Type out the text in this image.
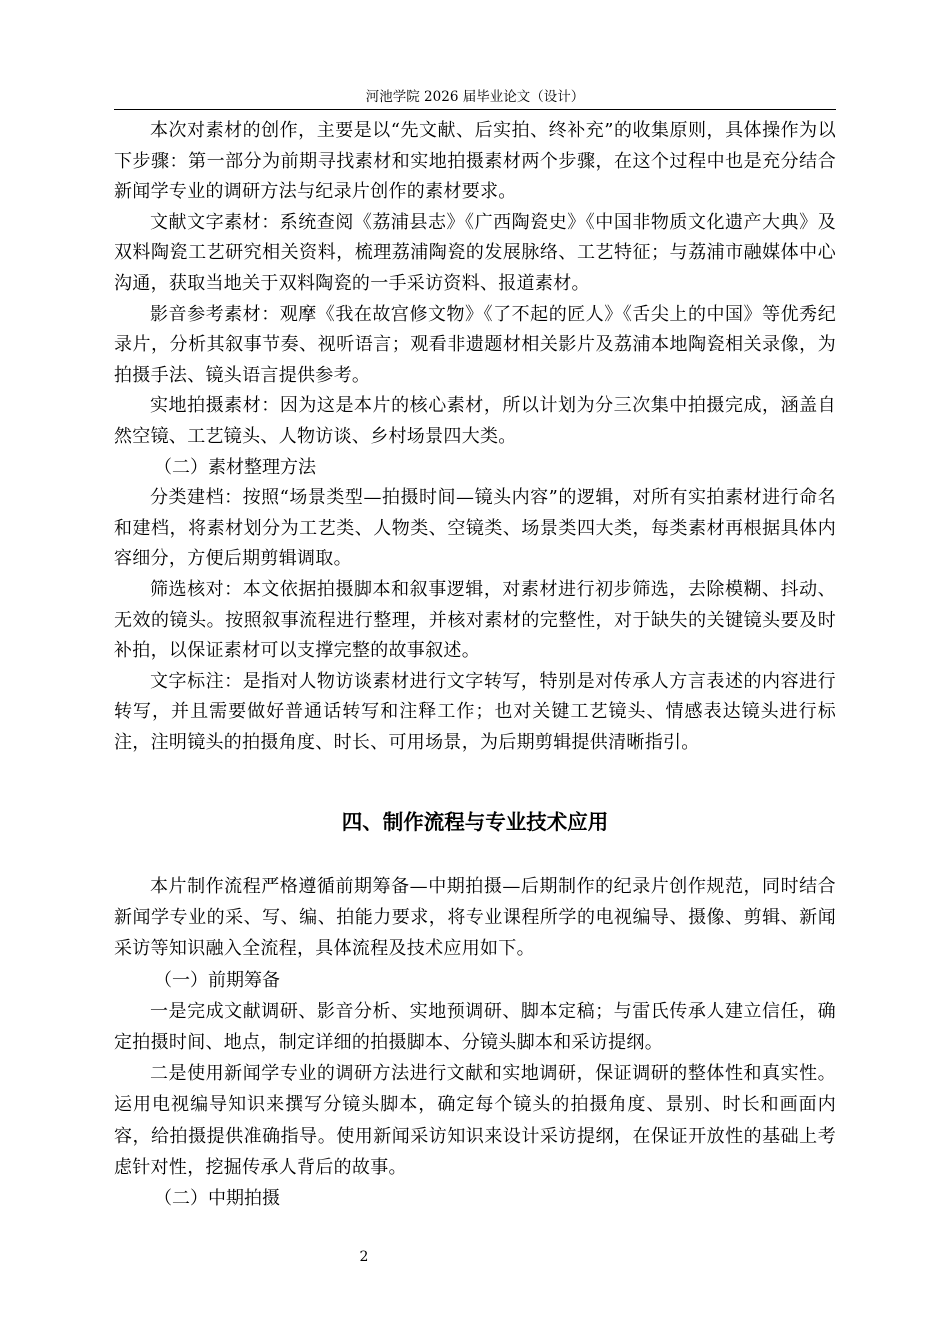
河池学院 2026 届毕业论文（设计）

本次对素材的创作，主要是以“先文献、后实拍、终补充”的收集原则，具体操作为以下步骤：第一部分为前期寻找素材和实地拍摄素材两个步骤，在这个过程中也是充分结合新闻学专业的调研方法与纪录片创作的素材要求。

文献文字素材：系统查阅《荔浦县志》《广西陶瓷史》《中国非物质文化遗产大典》及双料陶瓷工艺研究相关资料，梳理荔浦陶瓷的发展脉络、工艺特征；与荔浦市融媒体中心沟通，获取当地关于双料陶瓷的一手采访资料、报道素材。

影音参考素材：观摩《我在故宫修文物》《了不起的匠人》《舌尖上的中国》等优秀纪录片，分析其叙事节奏、视听语言；观看非遗题材相关影片及荔浦本地陶瓷相关录像，为拍摄手法、镜头语言提供参考。

实地拍摄素材：因为这是本片的核心素材，所以计划为分三次集中拍摄完成，涵盖自然空镜、工艺镜头、人物访谈、乡村场景四大类。

（二）素材整理方法

分类建档：按照“场景类型—拍摄时间—镜头内容”的逻辑，对所有实拍素材进行命名和建档，将素材划分为工艺类、人物类、空镜类、场景类四大类，每类素材再根据具体内容细分，方便后期剪辑调取。

筛选核对：本文依据拍摄脚本和叙事逻辑，对素材进行初步筛选，去除模糊、抖动、无效的镜头。按照叙事流程进行整理，并核对素材的完整性，对于缺失的关键镜头要及时补拍，以保证素材可以支撑完整的故事叙述。

文字标注：是指对人物访谈素材进行文字转写，特别是对传承人方言表述的内容进行转写，并且需要做好普通话转写和注释工作；也对关键工艺镜头、情感表达镜头进行标注，注明镜头的拍摄角度、时长、可用场景，为后期剪辑提供清晰指引。

四、制作流程与专业技术应用

本片制作流程严格遵循前期筹备—中期拍摄—后期制作的纪录片创作规范，同时结合新闻学专业的采、写、编、拍能力要求，将专业课程所学的电视编导、摄像、剪辑、新闻采访等知识融入全流程，具体流程及技术应用如下。

（一）前期筹备

一是完成文献调研、影音分析、实地预调研、脚本定稿；与雷氏传承人建立信任，确定拍摄时间、地点，制定详细的拍摄脚本、分镜头脚本和采访提纲。

二是使用新闻学专业的调研方法进行文献和实地调研，保证调研的整体性和真实性。运用电视编导知识来撰写分镜头脚本，确定每个镜头的拍摄角度、景别、时长和画面内容，给拍摄提供准确指导。使用新闻采访知识来设计采访提纲，在保证开放性的基础上考虑针对性，挖掘传承人背后的故事。

（二）中期拍摄

2
